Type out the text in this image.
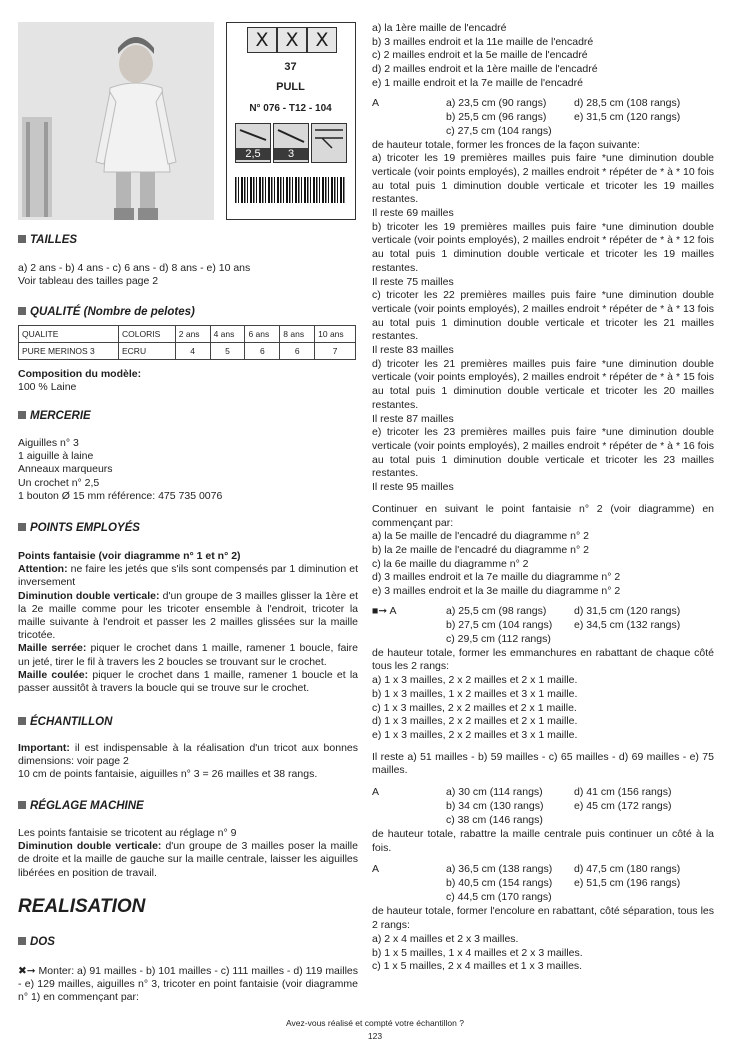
X X X
37
PULL
N° 076 - T12 - 104
2,5	3
TAILLES

a) 2 ans - b) 4 ans - c) 6 ans - d) 8 ans - e) 10 ans

Voir tableau des tailles page 2

QUALITÉ (Nombre de pelotes)
QUALITE	COLORIS	2 ans	4 ans	6 ans	8 ans	10 ans
PURE MERINOS 3	ECRU	4	5	6	6	7

Composition du modèle:

100 % Laine

MERCERIE

Aiguilles n° 3

1 aiguille à laine

Anneaux marqueurs

Un crochet n° 2,5

1 bouton Ø 15 mm référence: 475 735 0076

POINTS EMPLOYÉS

Points fantaisie (voir diagramme n° 1 et n° 2)

Attention: ne faire les jetés que s'ils sont compensés par 1 diminution et inversement

Diminution double verticale: d'un groupe de 3 mailles glisser la 1ère et la 2e maille comme pour les tricoter ensemble à l'endroit, tricoter la maille suivante à l'endroit et passer les 2 mailles glissées sur la maille tricotée.

Maille serrée: piquer le crochet dans 1 maille, ramener 1 boucle, faire un jeté, tirer le fil à travers les 2 boucles se trouvant sur le crochet.

Maille coulée: piquer le crochet dans 1 maille, ramener 1 boucle et la passer aussitôt à travers la boucle qui se trouve sur le crochet.

ÉCHANTILLON

Important: il est indispensable à la réalisation d'un tricot aux bonnes dimensions: voir page 2

10 cm de points fantaisie, aiguilles n° 3 = 26 mailles et 38 rangs.

RÉGLAGE MACHINE

Les points fantaisie se tricotent au réglage n° 9

Diminution double verticale: d'un groupe de 3 mailles poser la maille de droite et la maille de gauche sur la maille centrale, laisser les aiguilles libérées en position de travail.

REALISATION
DOS
✖➞ Monter: a) 91 mailles - b) 101 mailles - c) 111 mailles - d) 119 mailles - e) 129 mailles, aiguilles n° 3, tricoter en point fantaisie (voir diagramme n° 1) en commençant par:

a) la 1ère maille de l'encadré

b) 3 mailles endroit et la 11e maille de l'encadré

c) 2 mailles endroit et la 5e maille de l'encadré

d) 2 mailles endroit et la 1ère maille de l'encadré

e) 1 maille endroit et la 7e maille de l'encadré

A	a) 23,5 cm (90 rangs)	d) 28,5 cm (108 rangs)
b) 25,5 cm (96 rangs)	e) 31,5 cm (120 rangs)
c) 27,5 cm (104 rangs)

de hauteur totale, former les fronces de la façon suivante:

a) tricoter les 19 premières mailles puis faire *une diminution double verticale (voir points employés), 2 mailles endroit * répéter de * à * 10 fois au total puis 1 diminution double verticale et tricoter les 19 mailles restantes.

Il reste 69 mailles

b) tricoter les 19 premières mailles puis faire *une diminution double verticale (voir points employés), 2 mailles endroit * répéter de * à * 12 fois au total puis 1 diminution double verticale et tricoter les 19 mailles restantes.

Il reste 75 mailles

c) tricoter les 22 premières mailles puis faire *une diminution double verticale (voir points employés), 2 mailles endroit * répéter de * à * 13 fois au total puis 1 diminution double verticale et tricoter les 21 mailles restantes.

Il reste 83 mailles

d) tricoter les 21 premières mailles puis faire *une diminution double verticale (voir points employés), 2 mailles endroit * répéter de * à * 15 fois au total puis 1 diminution double verticale et tricoter les 20 mailles restantes.

Il reste 87 mailles

e) tricoter les 23 premières mailles puis faire *une diminution double verticale (voir points employés), 2 mailles endroit * répéter de * à * 16 fois au total puis 1 diminution double verticale et tricoter les 23 mailles restantes.

Il reste 95 mailles

Continuer en suivant le point fantaisie n° 2 (voir diagramme) en commençant par:

a) la 5e maille de l'encadré du diagramme n° 2

b) la 2e maille de l'encadré du diagramme n° 2

c) la 6e maille du diagramme n° 2

d) 3 mailles endroit et la 7e maille du diagramme n° 2

e) 3 mailles endroit et la 3e maille du diagramme n° 2

■➞ A	a) 25,5 cm (98 rangs)	d) 31,5 cm (120 rangs)
b) 27,5 cm (104 rangs) e) 34,5 cm (132 rangs)
c) 29,5 cm (112 rangs)

de hauteur totale, former les emmanchures en rabattant de chaque côté tous les 2 rangs:

a) 1 x 3 mailles, 2 x 2 mailles et 2 x 1 maille.

b) 1 x 3 mailles, 1 x 2 mailles et 3 x 1 maille.

c) 1 x 3 mailles, 2 x 2 mailles et 2 x 1 maille.

d) 1 x 3 mailles, 2 x 2 mailles et 2 x 1 maille.

e) 1 x 3 mailles, 2 x 2 mailles et 3 x 1 maille.

Il reste a) 51 mailles - b) 59 mailles - c) 65 mailles - d) 69 mailles - e) 75 mailles.

A	a) 30 cm (114 rangs)	d) 41 cm (156 rangs)
b) 34 cm (130 rangs)	e) 45 cm (172 rangs)
c) 38 cm (146 rangs)

de hauteur totale, rabattre la maille centrale puis continuer un côté à la fois.

A	a) 36,5 cm (138 rangs) d) 47,5 cm (180 rangs)
b) 40,5 cm (154 rangs) e) 51,5 cm (196 rangs)
c) 44,5 cm (170 rangs)

de hauteur totale, former l'encolure en rabattant, côté séparation, tous les 2 rangs:

a) 2 x 4 mailles et 2 x 3 mailles.

b) 1 x 5 mailles, 1 x 4 mailles et 2 x 3 mailles.

c) 1 x 5 mailles, 2 x 4 mailles et 1 x 3 mailles.

Avez-vous réalisé et compté votre échantillon ?
123
